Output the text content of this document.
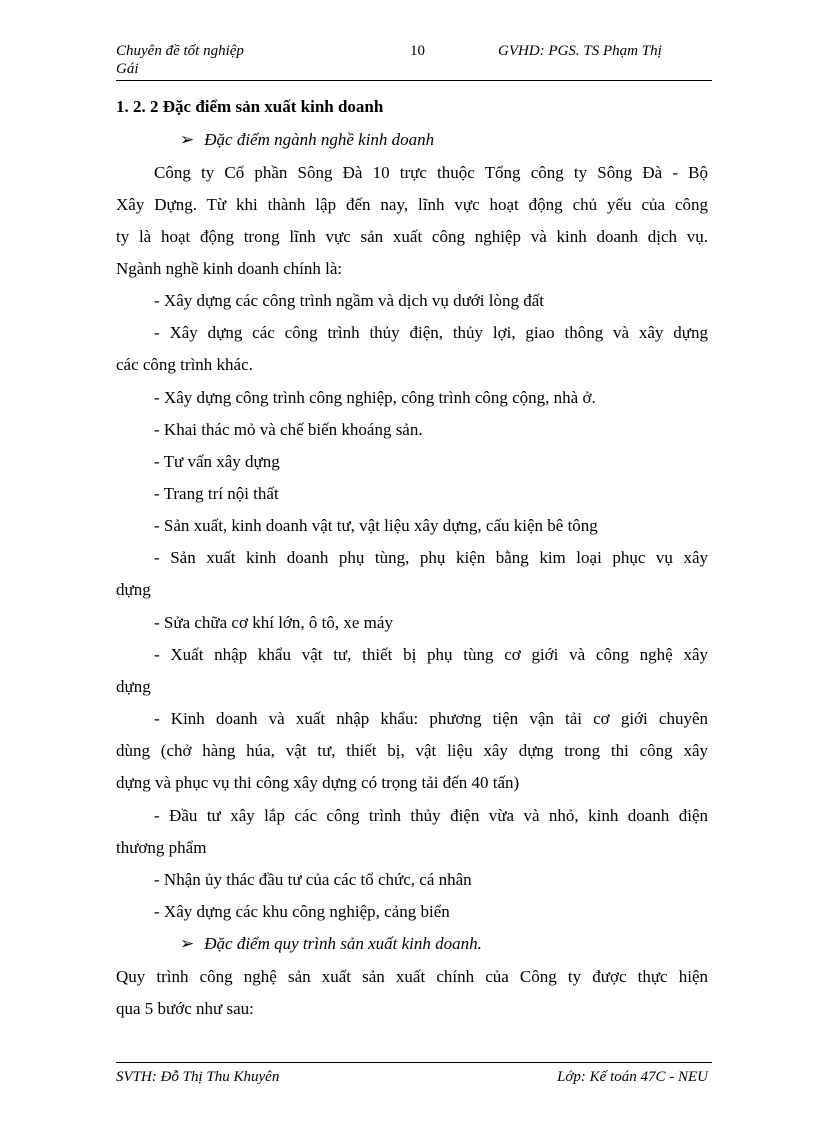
Chuyên đề tốt nghiệp
Gái
10	GVHD: PGS. TS Phạm Thị
1. 2. 2 Đặc điểm sản xuất kinh doanh
➢ Đặc điểm ngành nghề kinh doanh
Công ty Cổ phần Sông Đà 10 trực thuộc Tổng công ty Sông Đà - Bộ
Xây Dựng. Từ khi thành lập đến nay, lĩnh vực hoạt động chủ yếu của công
ty là hoạt động trong lĩnh vực sản xuất công nghiệp và kinh doanh dịch vụ.
Ngành nghề kinh doanh chính là:
- Xây dựng các công trình ngầm và dịch vụ dưới lòng đất
- Xây dựng các công trình thủy điện, thủy lợi, giao thông và xây dựng
các công trình khác.
- Xây dựng công trình công nghiệp, công trình công cộng, nhà ở.
- Khai thác mỏ và chế biến khoáng sản.
- Tư vấn xây dựng
- Trang trí nội thất
- Sản xuất, kinh doanh vật tư, vật liệu xây dựng, cấu kiện bê tông
- Sản xuất kinh doanh phụ tùng, phụ kiện bằng kim loại phục vụ xây
dựng
- Sửa chữa cơ khí lớn, ô tô, xe máy
- Xuất nhập khẩu vật tư, thiết bị phụ tùng cơ giới và công nghệ xây
dựng
- Kinh doanh và xuất nhập khẩu: phương tiện vận tải cơ giới chuyên
dùng (chở hàng húa, vật tư, thiết bị, vật liệu xây dựng trong thi công xây
dựng và phục vụ thi công xây dựng có trọng tải đến 40 tấn)
- Đầu tư xây lắp các công trình thủy điện vừa và nhỏ, kinh doanh điện
thương phẩm
- Nhận ủy thác đầu tư của các tổ chức, cá nhân
- Xây dựng các khu công nghiệp, cảng biển
➢ Đặc điểm quy trình sản xuất kinh doanh.
Quy trình công nghệ sản xuất sản xuất chính của Công ty được thực hiện
qua 5 bước như sau:
SVTH: Đỗ Thị Thu Khuyên	Lớp: Kế toán 47C - NEU
